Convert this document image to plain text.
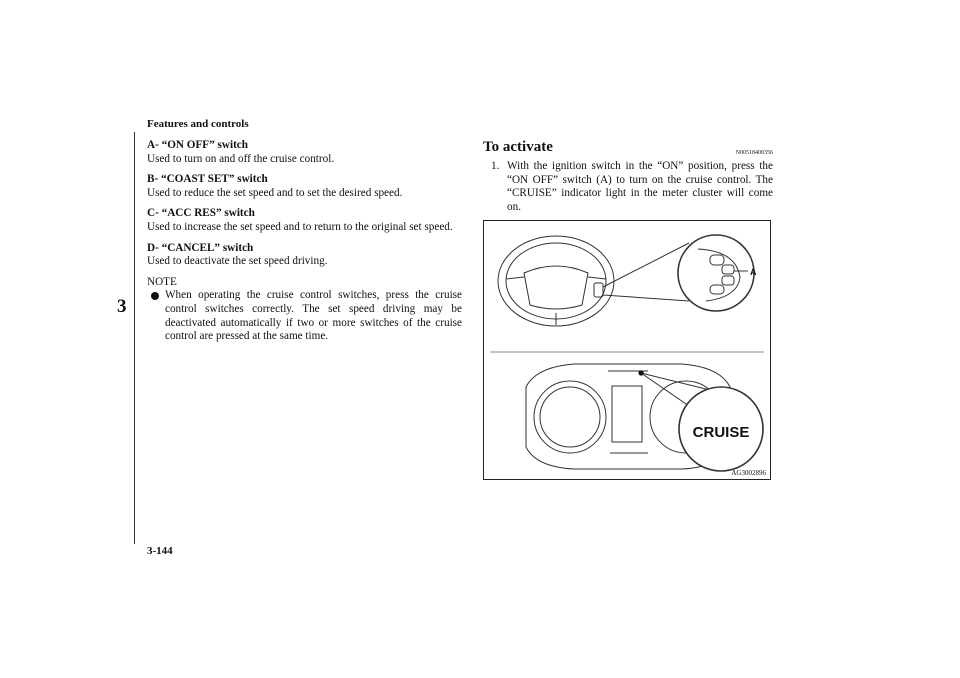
Features and controls
3
3-144
A- “ON OFF” switch
Used to turn on and off the cruise control.
B- “COAST SET” switch
Used to reduce the set speed and to set the desired speed.
C- “ACC RES” switch
Used to increase the set speed and to return to the original set speed.
D- “CANCEL” switch
Used to deactivate the set speed driving.
NOTE
When operating the cruise control switches, press the cruise control switches correctly. The set speed driving may be deactivated automatically if two or more switches of the cruise control are pressed at the same time.
To activate	N00518400356
1. With the ignition switch in the “ON” position, press the “ON OFF” switch (A) to turn on the cruise control. The “CRUISE” indicator light in the meter cluster will come on.
A
CRUISE
AG3002896
